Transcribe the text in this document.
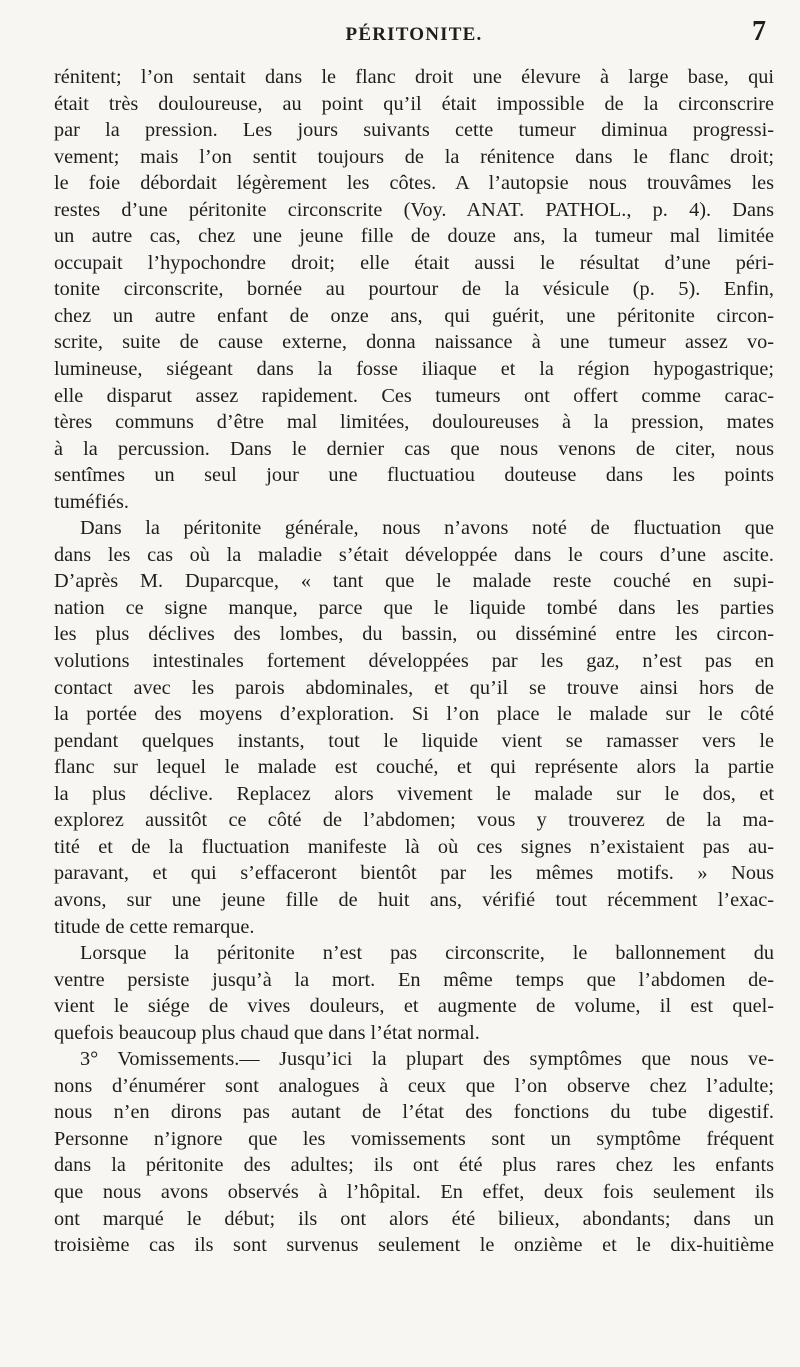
PÉRITONITE.	7
rénitent; l’on sentait dans le flanc droit une élevure à large base, qui
était très douloureuse, au point qu’il était impossible de la circonscrire
par la pression. Les jours suivants cette tumeur diminua progressi-
vement; mais l’on sentit toujours de la rénitence dans le flanc droit;
le foie débordait légèrement les côtes. A l’autopsie nous trouvâmes les
restes d’une péritonite circonscrite (Voy. ANAT. PATHOL., p. 4). Dans
un autre cas, chez une jeune fille de douze ans, la tumeur mal limitée
occupait l’hypochondre droit; elle était aussi le résultat d’une péri-
tonite circonscrite, bornée au pourtour de la vésicule (p. 5). Enfin,
chez un autre enfant de onze ans, qui guérit, une péritonite circon-
scrite, suite de cause externe, donna naissance à une tumeur assez vo-
lumineuse, siégeant dans la fosse iliaque et la région hypogastrique;
elle disparut assez rapidement. Ces tumeurs ont offert comme carac-
tères communs d’être mal limitées, douloureuses à la pression, mates
à la percussion. Dans le dernier cas que nous venons de citer, nous
sentîmes un seul jour une fluctuatiou douteuse dans les points
tuméfiés.
Dans la péritonite générale, nous n’avons noté de fluctuation que
dans les cas où la maladie s’était développée dans le cours d’une ascite.
D’après M. Duparcque, « tant que le malade reste couché en supi-
nation ce signe manque, parce que le liquide tombé dans les parties
les plus déclives des lombes, du bassin, ou disséminé entre les circon-
volutions intestinales fortement développées par les gaz, n’est pas en
contact avec les parois abdominales, et qu’il se trouve ainsi hors de
la portée des moyens d’exploration. Si l’on place le malade sur le côté
pendant quelques instants, tout le liquide vient se ramasser vers le
flanc sur lequel le malade est couché, et qui représente alors la partie
la plus déclive. Replacez alors vivement le malade sur le dos, et
explorez aussitôt ce côté de l’abdomen; vous y trouverez de la ma-
tité et de la fluctuation manifeste là où ces signes n’existaient pas au-
paravant, et qui s’effaceront bientôt par les mêmes motifs. » Nous
avons, sur une jeune fille de huit ans, vérifié tout récemment l’exac-
titude de cette remarque.
Lorsque la péritonite n’est pas circonscrite, le ballonnement du
ventre persiste jusqu’à la mort. En même temps que l’abdomen de-
vient le siége de vives douleurs, et augmente de volume, il est quel-
quefois beaucoup plus chaud que dans l’état normal.
3° Vomissements.— Jusqu’ici la plupart des symptômes que nous ve-
nons d’énumérer sont analogues à ceux que l’on observe chez l’adulte;
nous n’en dirons pas autant de l’état des fonctions du tube digestif.
Personne n’ignore que les vomissements sont un symptôme fréquent
dans la péritonite des adultes; ils ont été plus rares chez les enfants
que nous avons observés à l’hôpital. En effet, deux fois seulement ils
ont marqué le début; ils ont alors été bilieux, abondants; dans un
troisième cas ils sont survenus seulement le onzième et le dix-huitième
